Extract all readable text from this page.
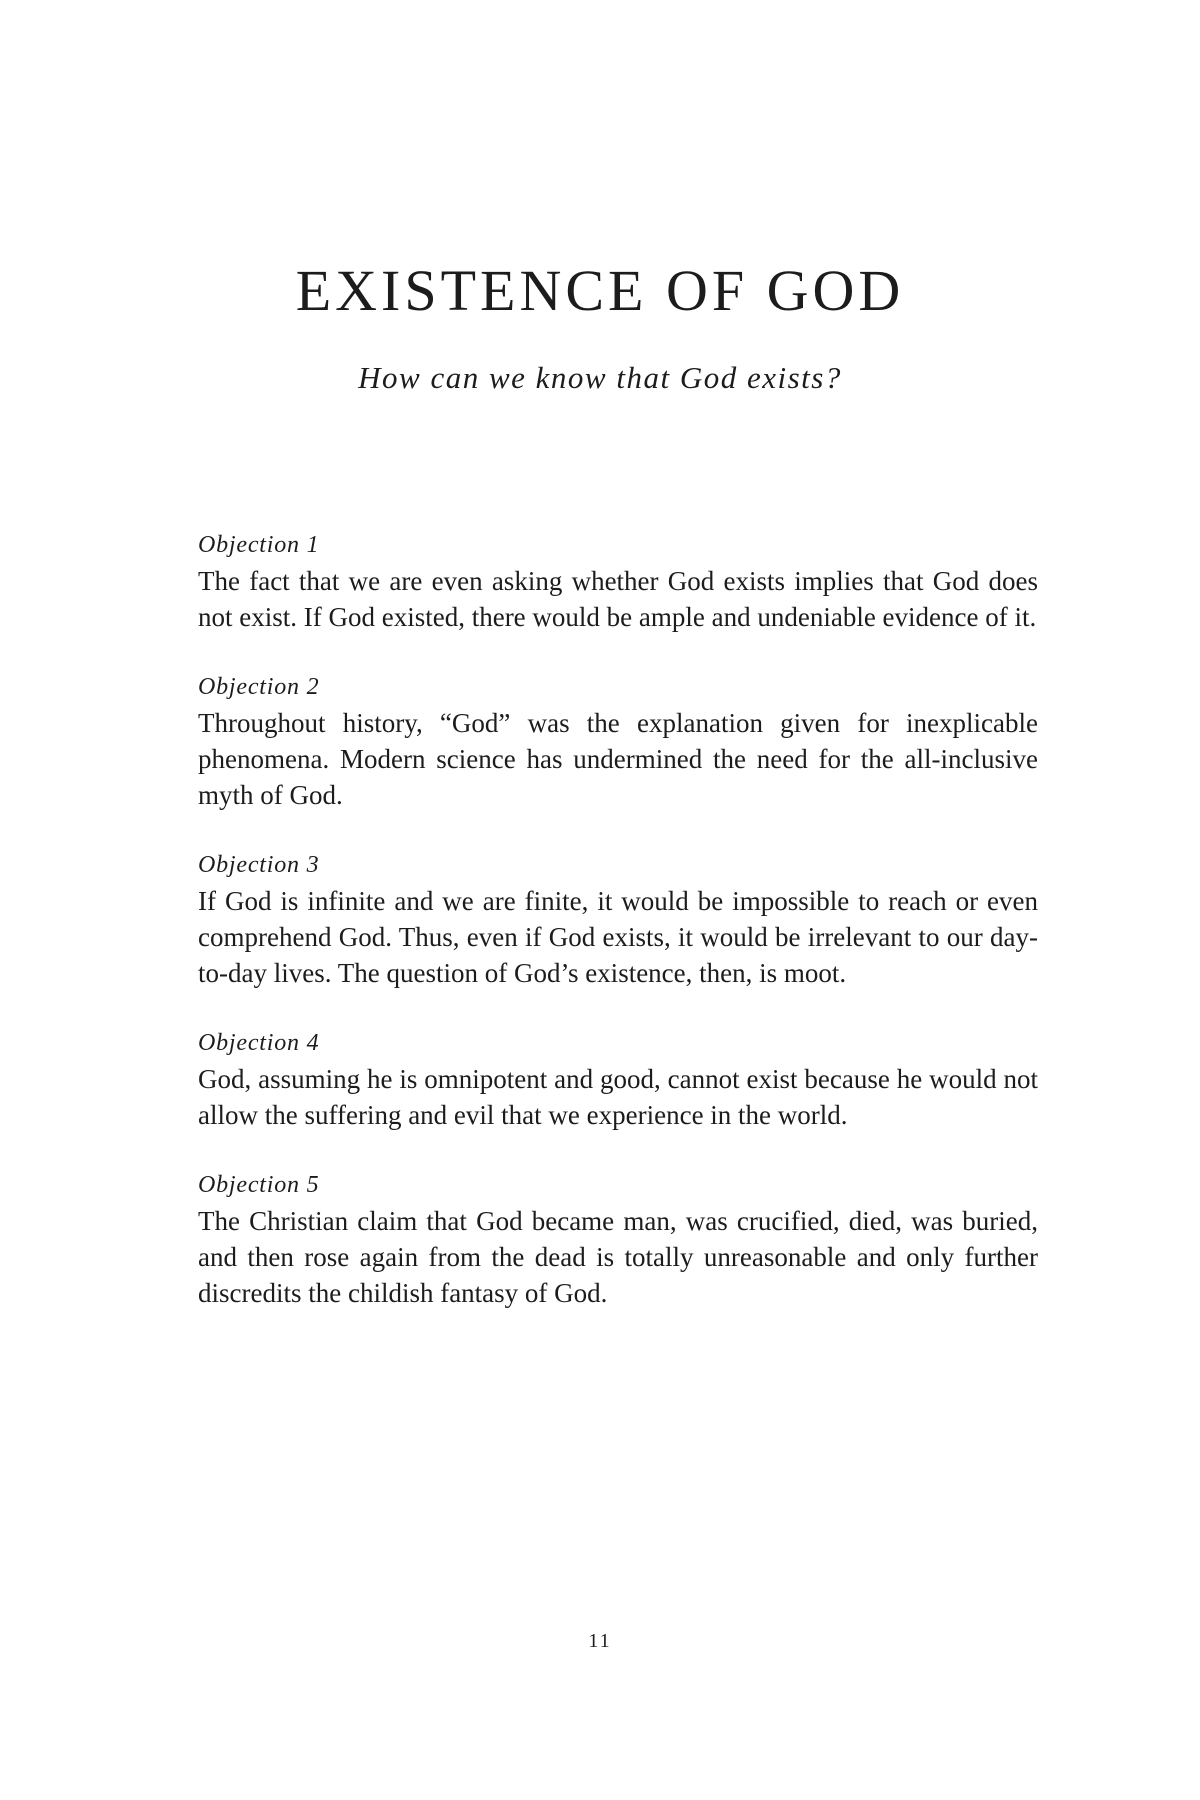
EXISTENCE OF GOD
How can we know that God exists?
Objection 1

The fact that we are even asking whether God exists implies that God does not exist. If God existed, there would be ample and undeniable evidence of it.

Objection 2

Throughout history, “God” was the explanation given for inexplicable phenomena. Modern science has undermined the need for the all-inclusive myth of God.

Objection 3

If God is infinite and we are finite, it would be impossible to reach or even comprehend God. Thus, even if God exists, it would be irrelevant to our day-to-day lives. The question of God’s existence, then, is moot.

Objection 4

God, assuming he is omnipotent and good, cannot exist because he would not allow the suffering and evil that we experience in the world.

Objection 5

The Christian claim that God became man, was crucified, died, was buried, and then rose again from the dead is totally unreasonable and only further discredits the childish fantasy of God.

11
